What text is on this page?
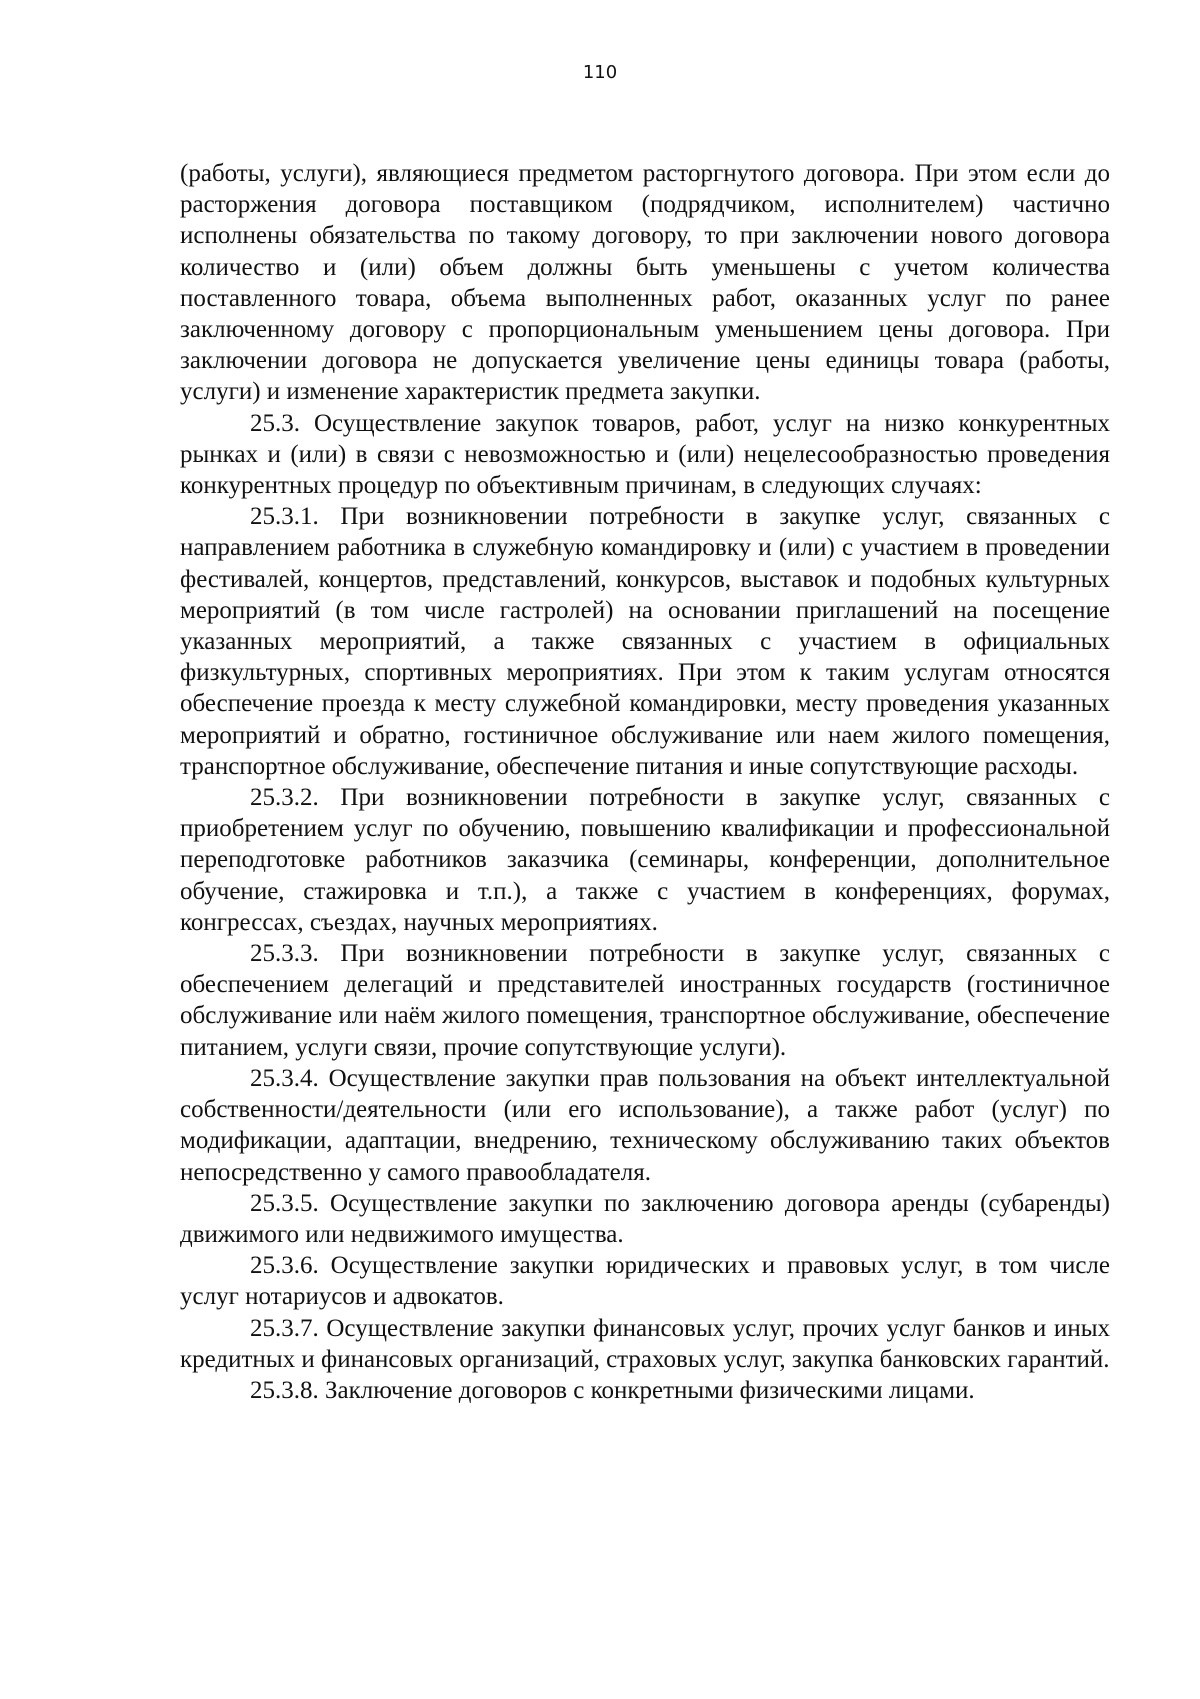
110

(работы, услуги), являющиеся предметом расторгнутого договора. При этом если до расторжения договора поставщиком (подрядчиком, исполнителем) частично исполнены обязательства по такому договору, то при заключении нового договора количество и (или) объем должны быть уменьшены с учетом количества поставленного товара, объема выполненных работ, оказанных услуг по ранее заключенному договору с пропорциональным уменьшением цены договора. При заключении договора не допускается увеличение цены единицы товара (работы, услуги) и изменение характеристик предмета закупки.

25.3. Осуществление закупок товаров, работ, услуг на низко конкурентных рынках и (или) в связи с невозможностью и (или) нецелесообразностью проведения конкурентных процедур по объективным причинам, в следующих случаях:

25.3.1. При возникновении потребности в закупке услуг, связанных с направлением работника в служебную командировку и (или) с участием в проведении фестивалей, концертов, представлений, конкурсов, выставок и подобных культурных мероприятий (в том числе гастролей) на основании приглашений на посещение указанных мероприятий, а также связанных с участием в официальных физкультурных, спортивных мероприятиях. При этом к таким услугам относятся обеспечение проезда к месту служебной командировки, месту проведения указанных мероприятий и обратно, гостиничное обслуживание или наем жилого помещения, транспортное обслуживание, обеспечение питания и иные сопутствующие расходы.

25.3.2. При возникновении потребности в закупке услуг, связанных с приобретением услуг по обучению, повышению квалификации и профессиональной переподготовке работников заказчика (семинары, конференции, дополнительное обучение, стажировка и т.п.), а также с участием в конференциях, форумах, конгрессах, съездах, научных мероприятиях.

25.3.3. При возникновении потребности в закупке услуг, связанных с обеспечением делегаций и представителей иностранных государств (гостиничное обслуживание или наём жилого помещения, транспортное обслуживание, обеспечение питанием, услуги связи, прочие сопутствующие услуги).

25.3.4. Осуществление закупки прав пользования на объект интеллектуальной собственности/деятельности (или его использование), а также работ (услуг) по модификации, адаптации, внедрению, техническому обслуживанию таких объектов непосредственно у самого правообладателя.

25.3.5. Осуществление закупки по заключению договора аренды (субаренды) движимого или недвижимого имущества.

25.3.6. Осуществление закупки юридических и правовых услуг, в том числе услуг нотариусов и адвокатов.

25.3.7. Осуществление закупки финансовых услуг, прочих услуг банков и иных кредитных и финансовых организаций, страховых услуг, закупка банковских гарантий.

25.3.8. Заключение договоров с конкретными физическими лицами.
